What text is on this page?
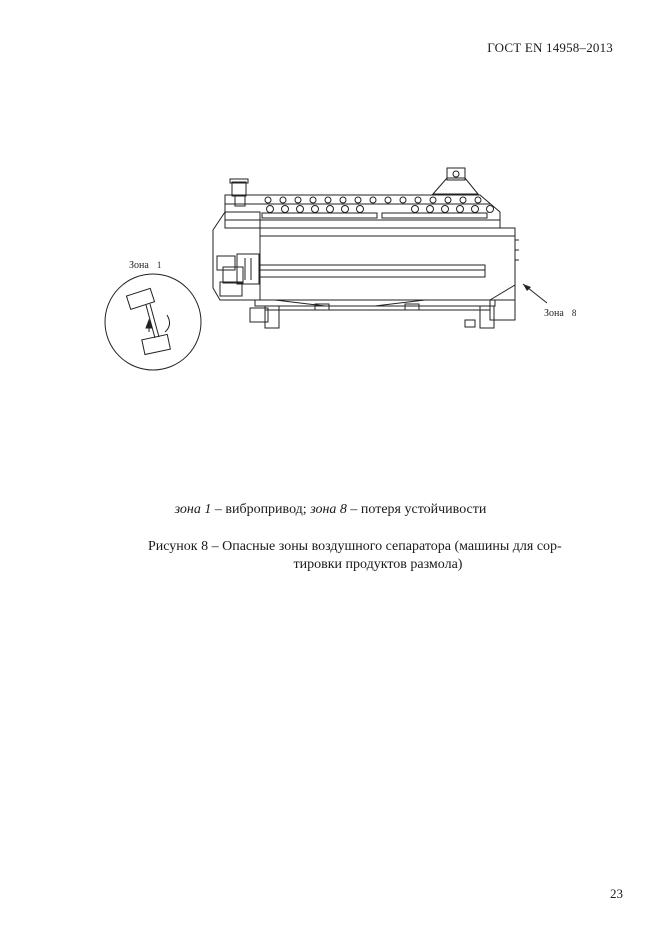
ГОСТ EN 14958–2013
Зона 1
Зона 8
зона 1 – вибропривод; зона 8 – потеря устойчивости
Рисунок 8 – Опасные зоны воздушного сепаратора (машины для сор-
тировки продуктов размола)
23
